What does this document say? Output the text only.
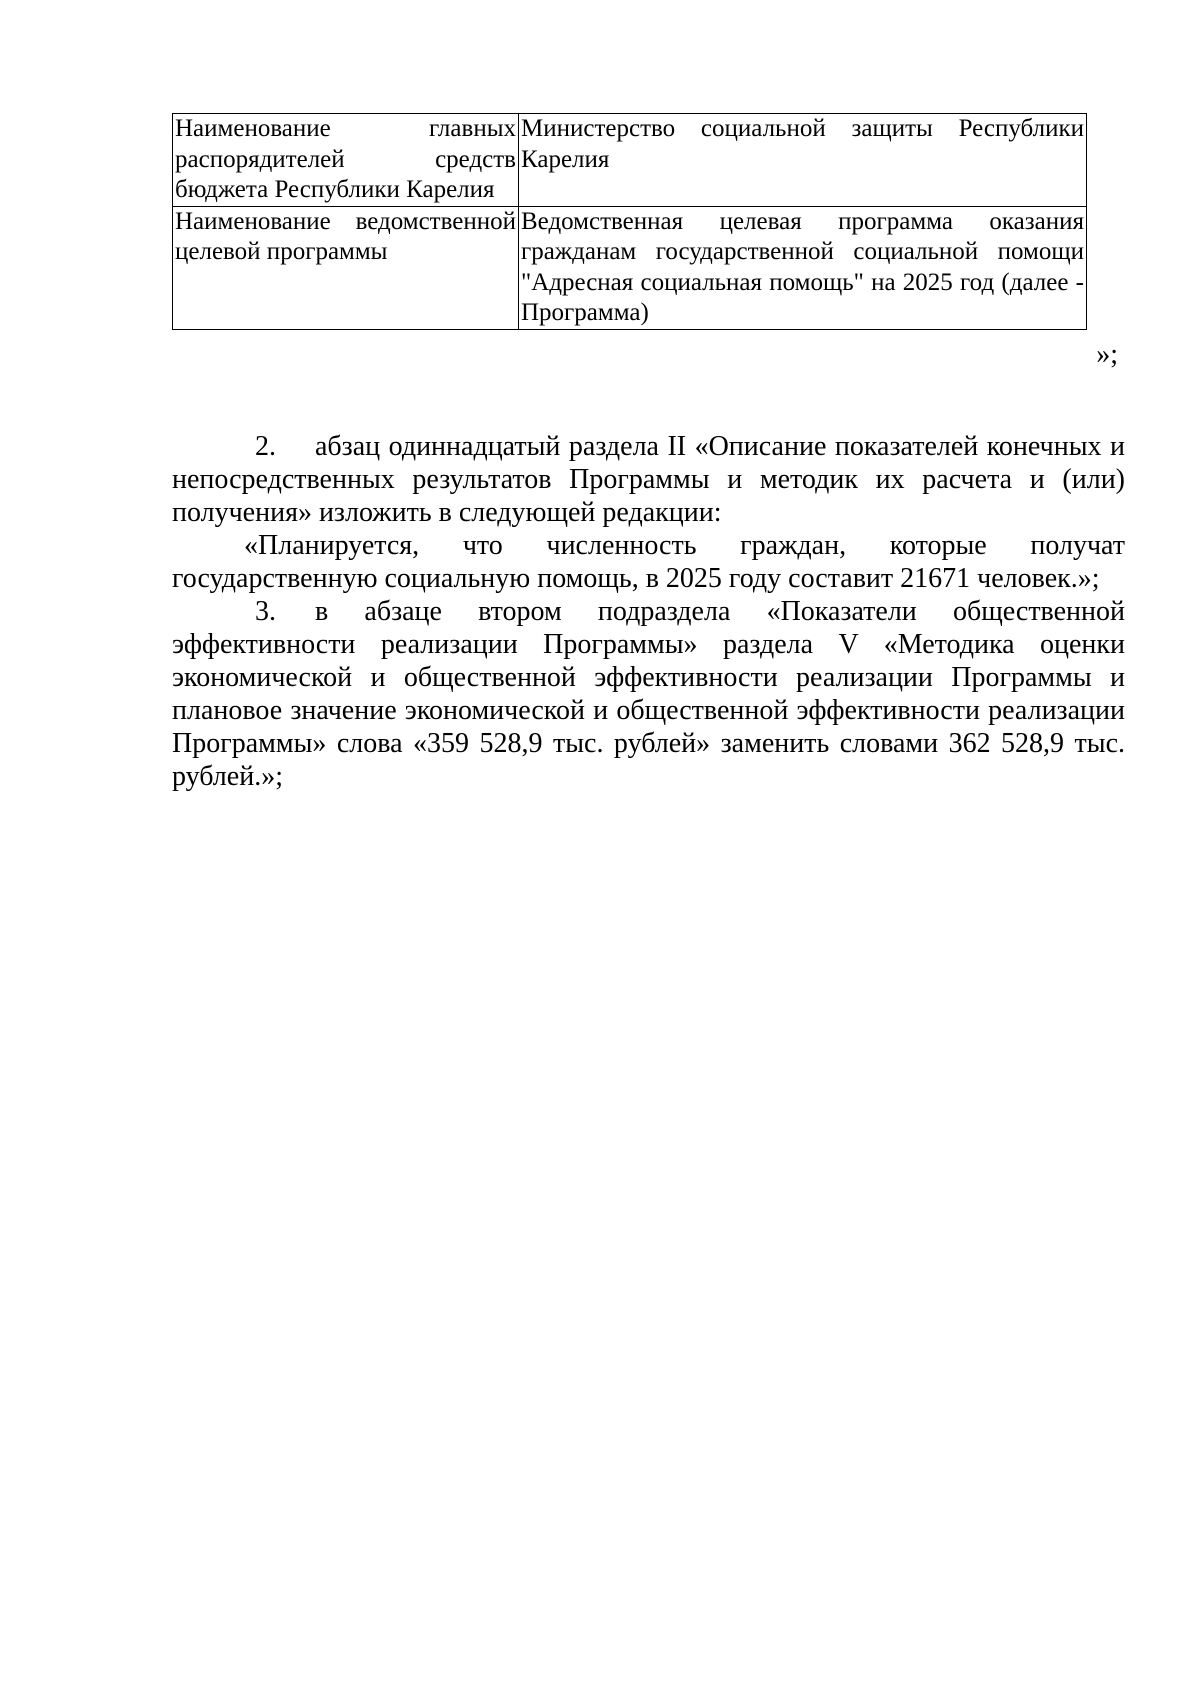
Наименование главных распорядителей средств бюджета Республики Карелия	Министерство социальной защиты Республики Карелия
Наименование ведомственной целевой программы	Ведомственная целевая программа оказания гражданам государственной социальной помощи "Адресная социальная помощь" на 2025 год (далее - Программа)
»;

2. абзац одиннадцатый раздела II «Описание показателей конечных и непосредственных результатов Программы и методик их расчета и (или) получения» изложить в следующей редакции:

«Планируется, что численность граждан, которые получат государственную социальную помощь, в 2025 году составит 21671 человек.»;

3. в абзаце втором подраздела «Показатели общественной эффективности реализации Программы» раздела V «Методика оценки экономической и общественной эффективности реализации Программы и плановое значение экономической и общественной эффективности реализации Программы» слова «359 528,9 тыс. рублей» заменить словами 362 528,9 тыс. рублей.»;
